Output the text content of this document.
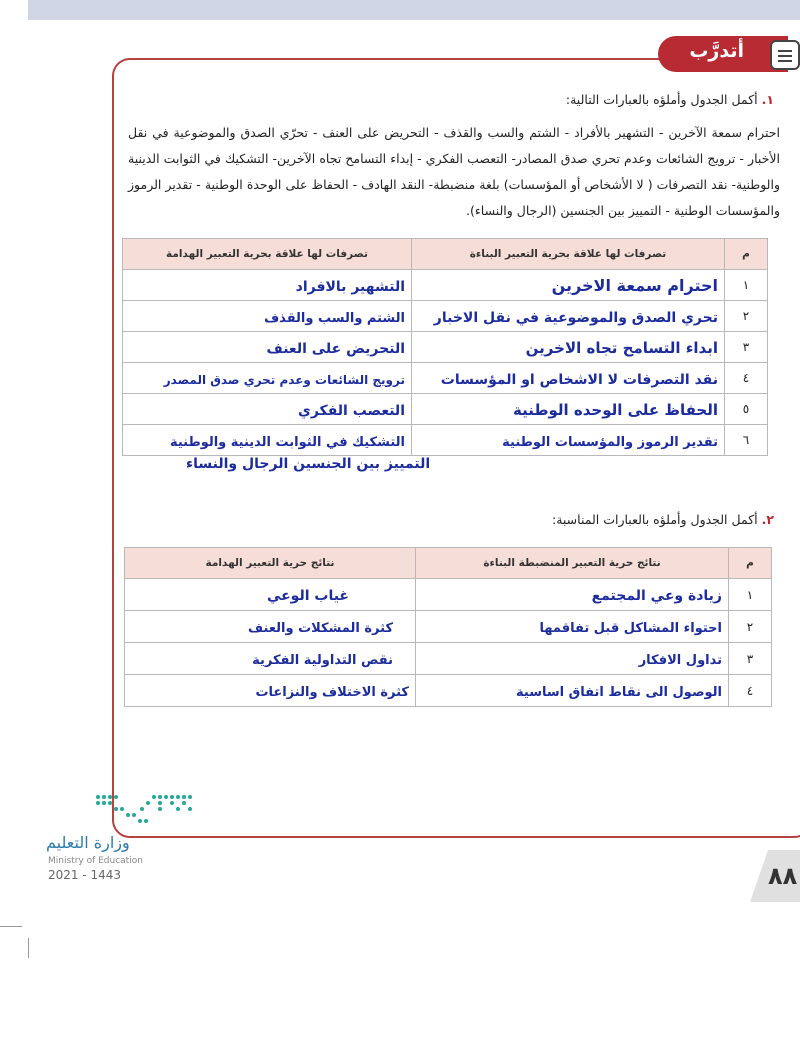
أتدرَّب
١. أكمل الجدول وأملؤه بالعبارات التالية:
احترام سمعة الآخرين - التشهير بالأفراد - الشتم والسب والقذف - التحريض على العنف - تحرّي الصدق والموضوعية في نقل الأخبار - ترويج الشائعات وعدم تحري صدق المصادر- التعصب الفكري - إبداء التسامح تجاه الآخرين- التشكيك في الثوابت الدينية والوطنية- نقد التصرفات ( لا الأشخاص أو المؤسسات) بلغة منضبطة- النقد الهادف - الحفاظ على الوحدة الوطنية - تقدير الرموز والمؤسسات الوطنية - التمييز بين الجنسين (الرجال والنساء).
م	تصرفات لها علاقة بحرية التعبير البناءة	تصرفات لها علاقة بحرية التعبير الهدامة
١	احترام سمعة الاخرين	التشهير بالافراد
٢	تحري الصدق والموضوعية في نقل الاخبار	الشتم والسب والقذف
٣	ابداء التسامح تجاه الاخرين	التحريض على العنف
٤	نقد التصرفات لا الاشخاص او المؤسسات	ترويج الشائعات وعدم تحري صدق المصدر
٥	الحفاظ على الوحده الوطنية	التعصب الفكري
٦	تقدير الرموز والمؤسسات الوطنية	التشكيك في الثوابت الدينية والوطنية
التمييز بين الجنسين الرجال والنساء
٢. أكمل الجدول وأملؤه بالعبارات المناسبة:
م	نتائج حرية التعبير المنضبطة البناءة	نتائج حرية التعبير الهدامة
١	زيادة وعي المجتمع	غياب الوعي
٢	احتواء المشاكل قبل تفاقمها	كثرة المشكلات والعنف
٣	تداول الافكار	نقص التداولية الفكرية
٤	الوصول الى نقاط اتفاق اساسية	كثرة الاختلاف والنزاعات
وزارة التعليم
Ministry of Education
2021 - 1443	٨٨
